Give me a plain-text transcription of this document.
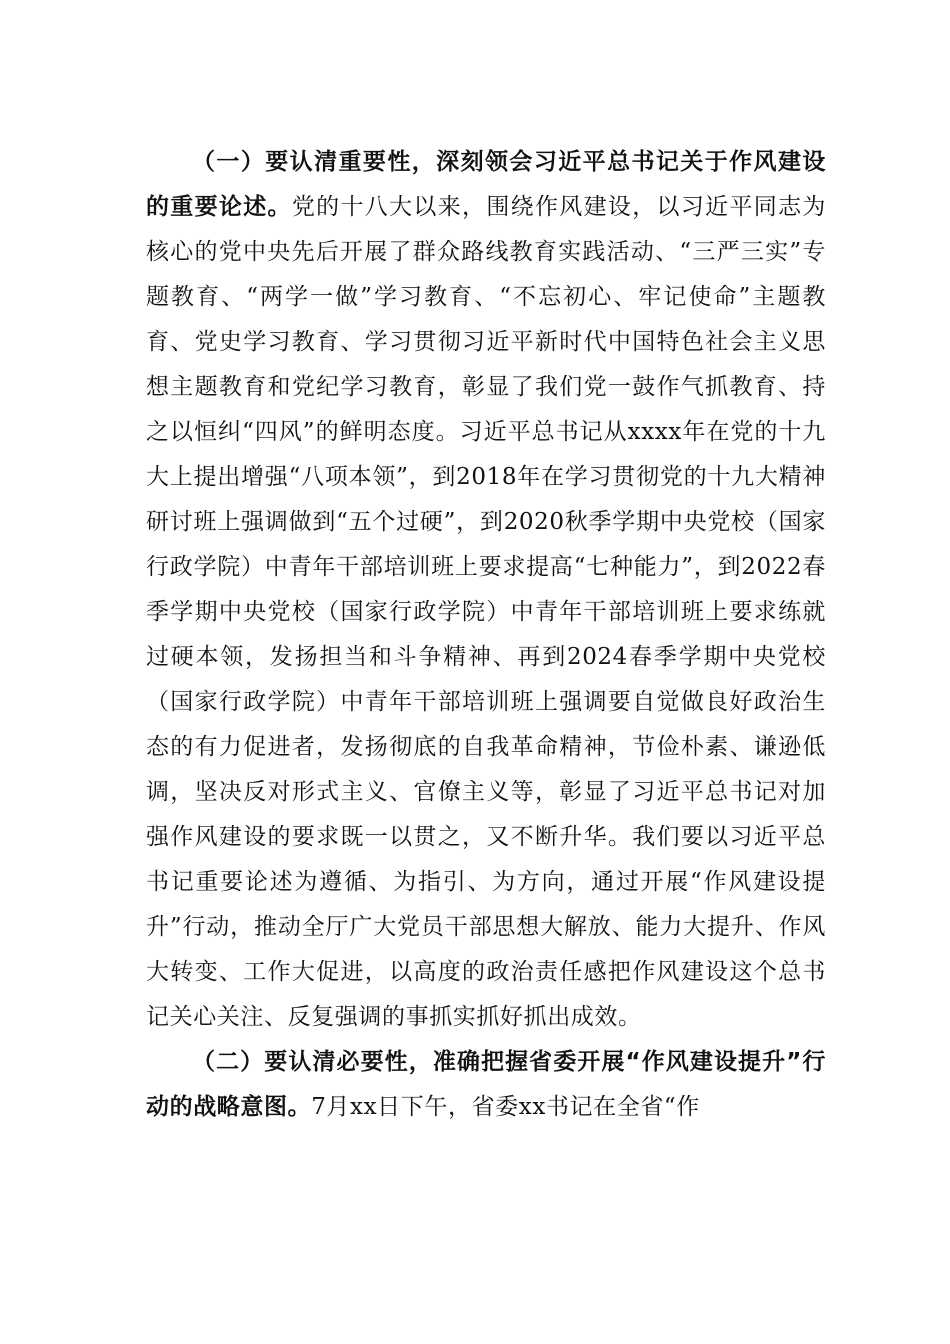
（一）要认清重要性，深刻领会习近平总书记关于作风建设的重要论述。党的十八大以来，围绕作风建设，以习近平同志为核心的党中央先后开展了群众路线教育实践活动、“三严三实”专题教育、“两学一做”学习教育、“不忘初心、牢记使命”主题教育、党史学习教育、学习贯彻习近平新时代中国特色社会主义思想主题教育和党纪学习教育，彰显了我们党一鼓作气抓教育、持之以恒纠“四风”的鲜明态度。习近平总书记从xxxx年在党的十九大上提出增强“八项本领”，到2018年在学习贯彻党的十九大精神研讨班上强调做到“五个过硬”，到2020秋季学期中央党校（国家行政学院）中青年干部培训班上要求提高“七种能力”，到2022春季学期中央党校（国家行政学院）中青年干部培训班上要求练就过硬本领，发扬担当和斗争精神、再到2024春季学期中央党校（国家行政学院）中青年干部培训班上强调要自觉做良好政治生态的有力促进者，发扬彻底的自我革命精神，节俭朴素、谦逊低调，坚决反对形式主义、官僚主义等，彰显了习近平总书记对加强作风建设的要求既一以贯之，又不断升华。我们要以习近平总书记重要论述为遵循、为指引、为方向，通过开展“作风建设提升”行动，推动全厅广大党员干部思想大解放、能力大提升、作风大转变、工作大促进，以高度的政治责任感把作风建设这个总书记关心关注、反复强调的事抓实抓好抓出成效。

（二）要认清必要性，准确把握省委开展“作风建设提升”行动的战略意图。7月xx日下午，省委xx书记在全省“作
